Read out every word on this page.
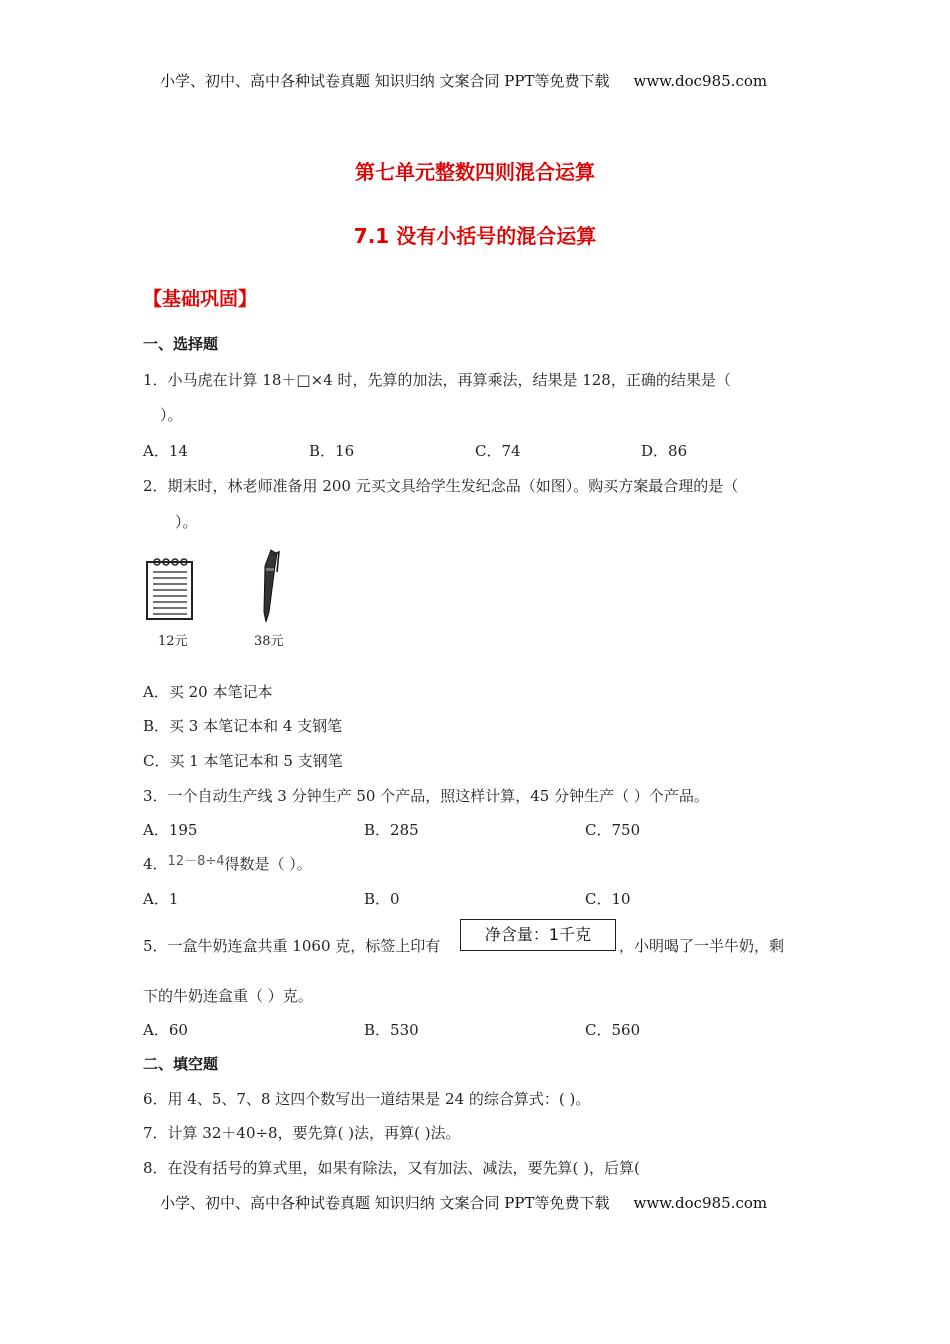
小学、初中、高中各种试卷真题 知识归纳 文案合同 PPT等免费下载 www.doc985.com
第七单元整数四则混合运算
7.1 没有小括号的混合运算
【基础巩固】
一、选择题
1．小马虎在计算 18＋□×4 时，先算的加法，再算乘法，结果是 128，正确的结果是（
）。
A．14	B．16	C．74	D．86
2．期末时，林老师准备用 200 元买文具给学生发纪念品（如图）。购买方案最合理的是（
）。
12元	38元
A．买 20 本笔记本
B．买 3 本笔记本和 4 支钢笔
C．买 1 本笔记本和 5 支钢笔
3．一个自动生产线 3 分钟生产 50 个产品，照这样计算，45 分钟生产（ ）个产品。
A．195	B．285	C．750
4．12－8÷4得数是（ ）。
A．1	B．0	C．10
5．一盒牛奶连盒共重 1060 克，标签上印有
净含量：1千克
，小明喝了一半牛奶，剩
下的牛奶连盒重（ ）克。
A．60	B．530	C．560
二、填空题
6．用 4、5、7、8 这四个数写出一道结果是 24 的综合算式：( )。
7．计算 32＋40÷8，要先算( )法，再算( )法。
8．在没有括号的算式里，如果有除法，又有加法、减法，要先算( )，后算(
小学、初中、高中各种试卷真题 知识归纳 文案合同 PPT等免费下载 www.doc985.com
